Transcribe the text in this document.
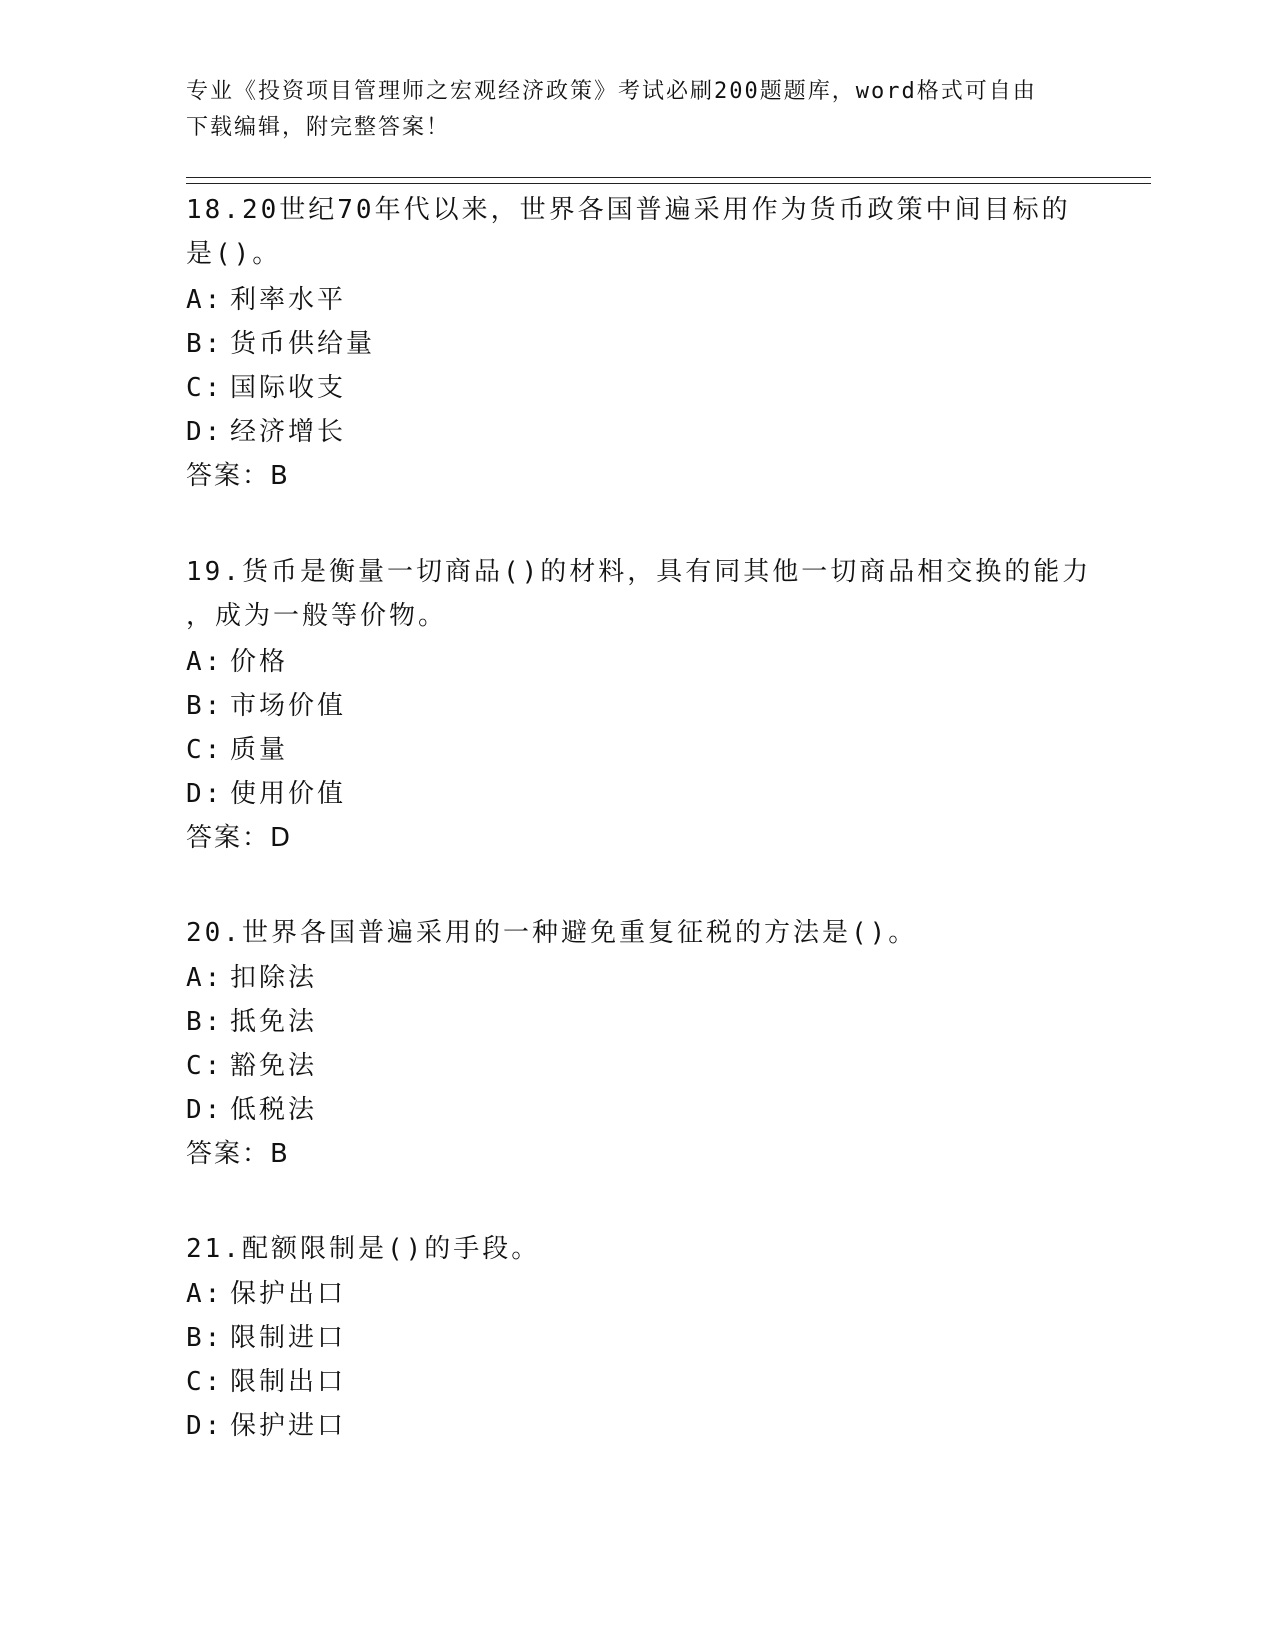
专业《投资项目管理师之宏观经济政策》考试必刷200题题库，word格式可自由
下载编辑，附完整答案！
18.20世纪70年代以来，世界各国普遍采用作为货币政策中间目标的
是()。
A: 利率水平
B: 货币供给量
C: 国际收支
D: 经济增长
答案：B
19.货币是衡量一切商品()的材料，具有同其他一切商品相交换的能力
，成为一般等价物。
A: 价格
B: 市场价值
C: 质量
D: 使用价值
答案：D
20.世界各国普遍采用的一种避免重复征税的方法是()。
A: 扣除法
B: 抵免法
C: 豁免法
D: 低税法
答案：B
21.配额限制是()的手段。
A: 保护出口
B: 限制进口
C: 限制出口
D: 保护进口
